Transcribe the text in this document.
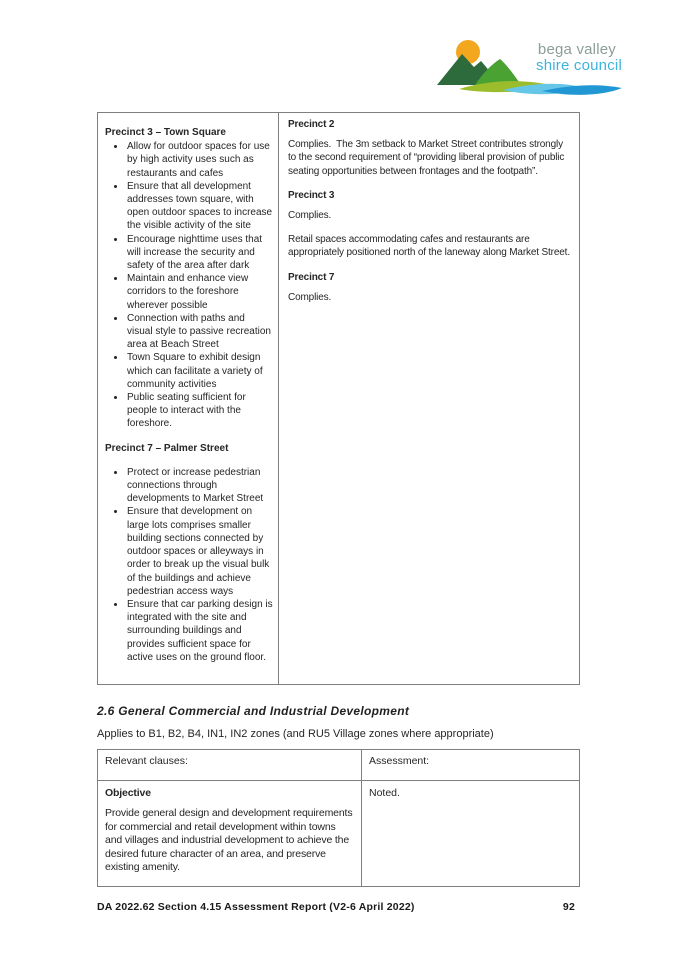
bega valley
shire council
Precinct 3 – Town Square
• Allow for outdoor spaces for use by high activity uses such as restaurants and cafes
• Ensure that all development addresses town square, with open outdoor spaces to increase the visible activity of the site
• Encourage nighttime uses that will increase the security and safety of the area after dark
• Maintain and enhance view corridors to the foreshore wherever possible
• Connection with paths and visual style to passive recreation area at Beach Street
• Town Square to exhibit design which can facilitate a variety of community activities
• Public seating sufficient for people to interact with the foreshore.
Precinct 7 – Palmer Street
• Protect or increase pedestrian connections through developments to Market Street
• Ensure that development on large lots comprises smaller building sections connected by outdoor spaces or alleyways in order to break up the visual bulk of the buildings and achieve pedestrian access ways
• Ensure that car parking design is integrated with the site and surrounding buildings and provides sufficient space for active uses on the ground floor.
Precinct 2
Complies.  The 3m setback to Market Street contributes strongly to the second requirement of “providing liberal provision of public seating opportunities between frontages and the footpath”.
Precinct 3
Complies.
Retail spaces accommodating cafes and restaurants are appropriately positioned north of the laneway along Market Street.
Precinct 7
Complies.
2.6 General Commercial and Industrial Development
Applies to B1, B2, B4, IN1, IN2 zones (and RU5 Village zones where appropriate)
Relevant clauses:	Assessment:
Objective
Provide general design and development requirements for commercial and retail development within towns and villages and industrial development to achieve the desired future character of an area, and preserve existing amenity.
Noted.
DA 2022.62 Section 4.15 Assessment Report (V2-6 April 2022)	92
